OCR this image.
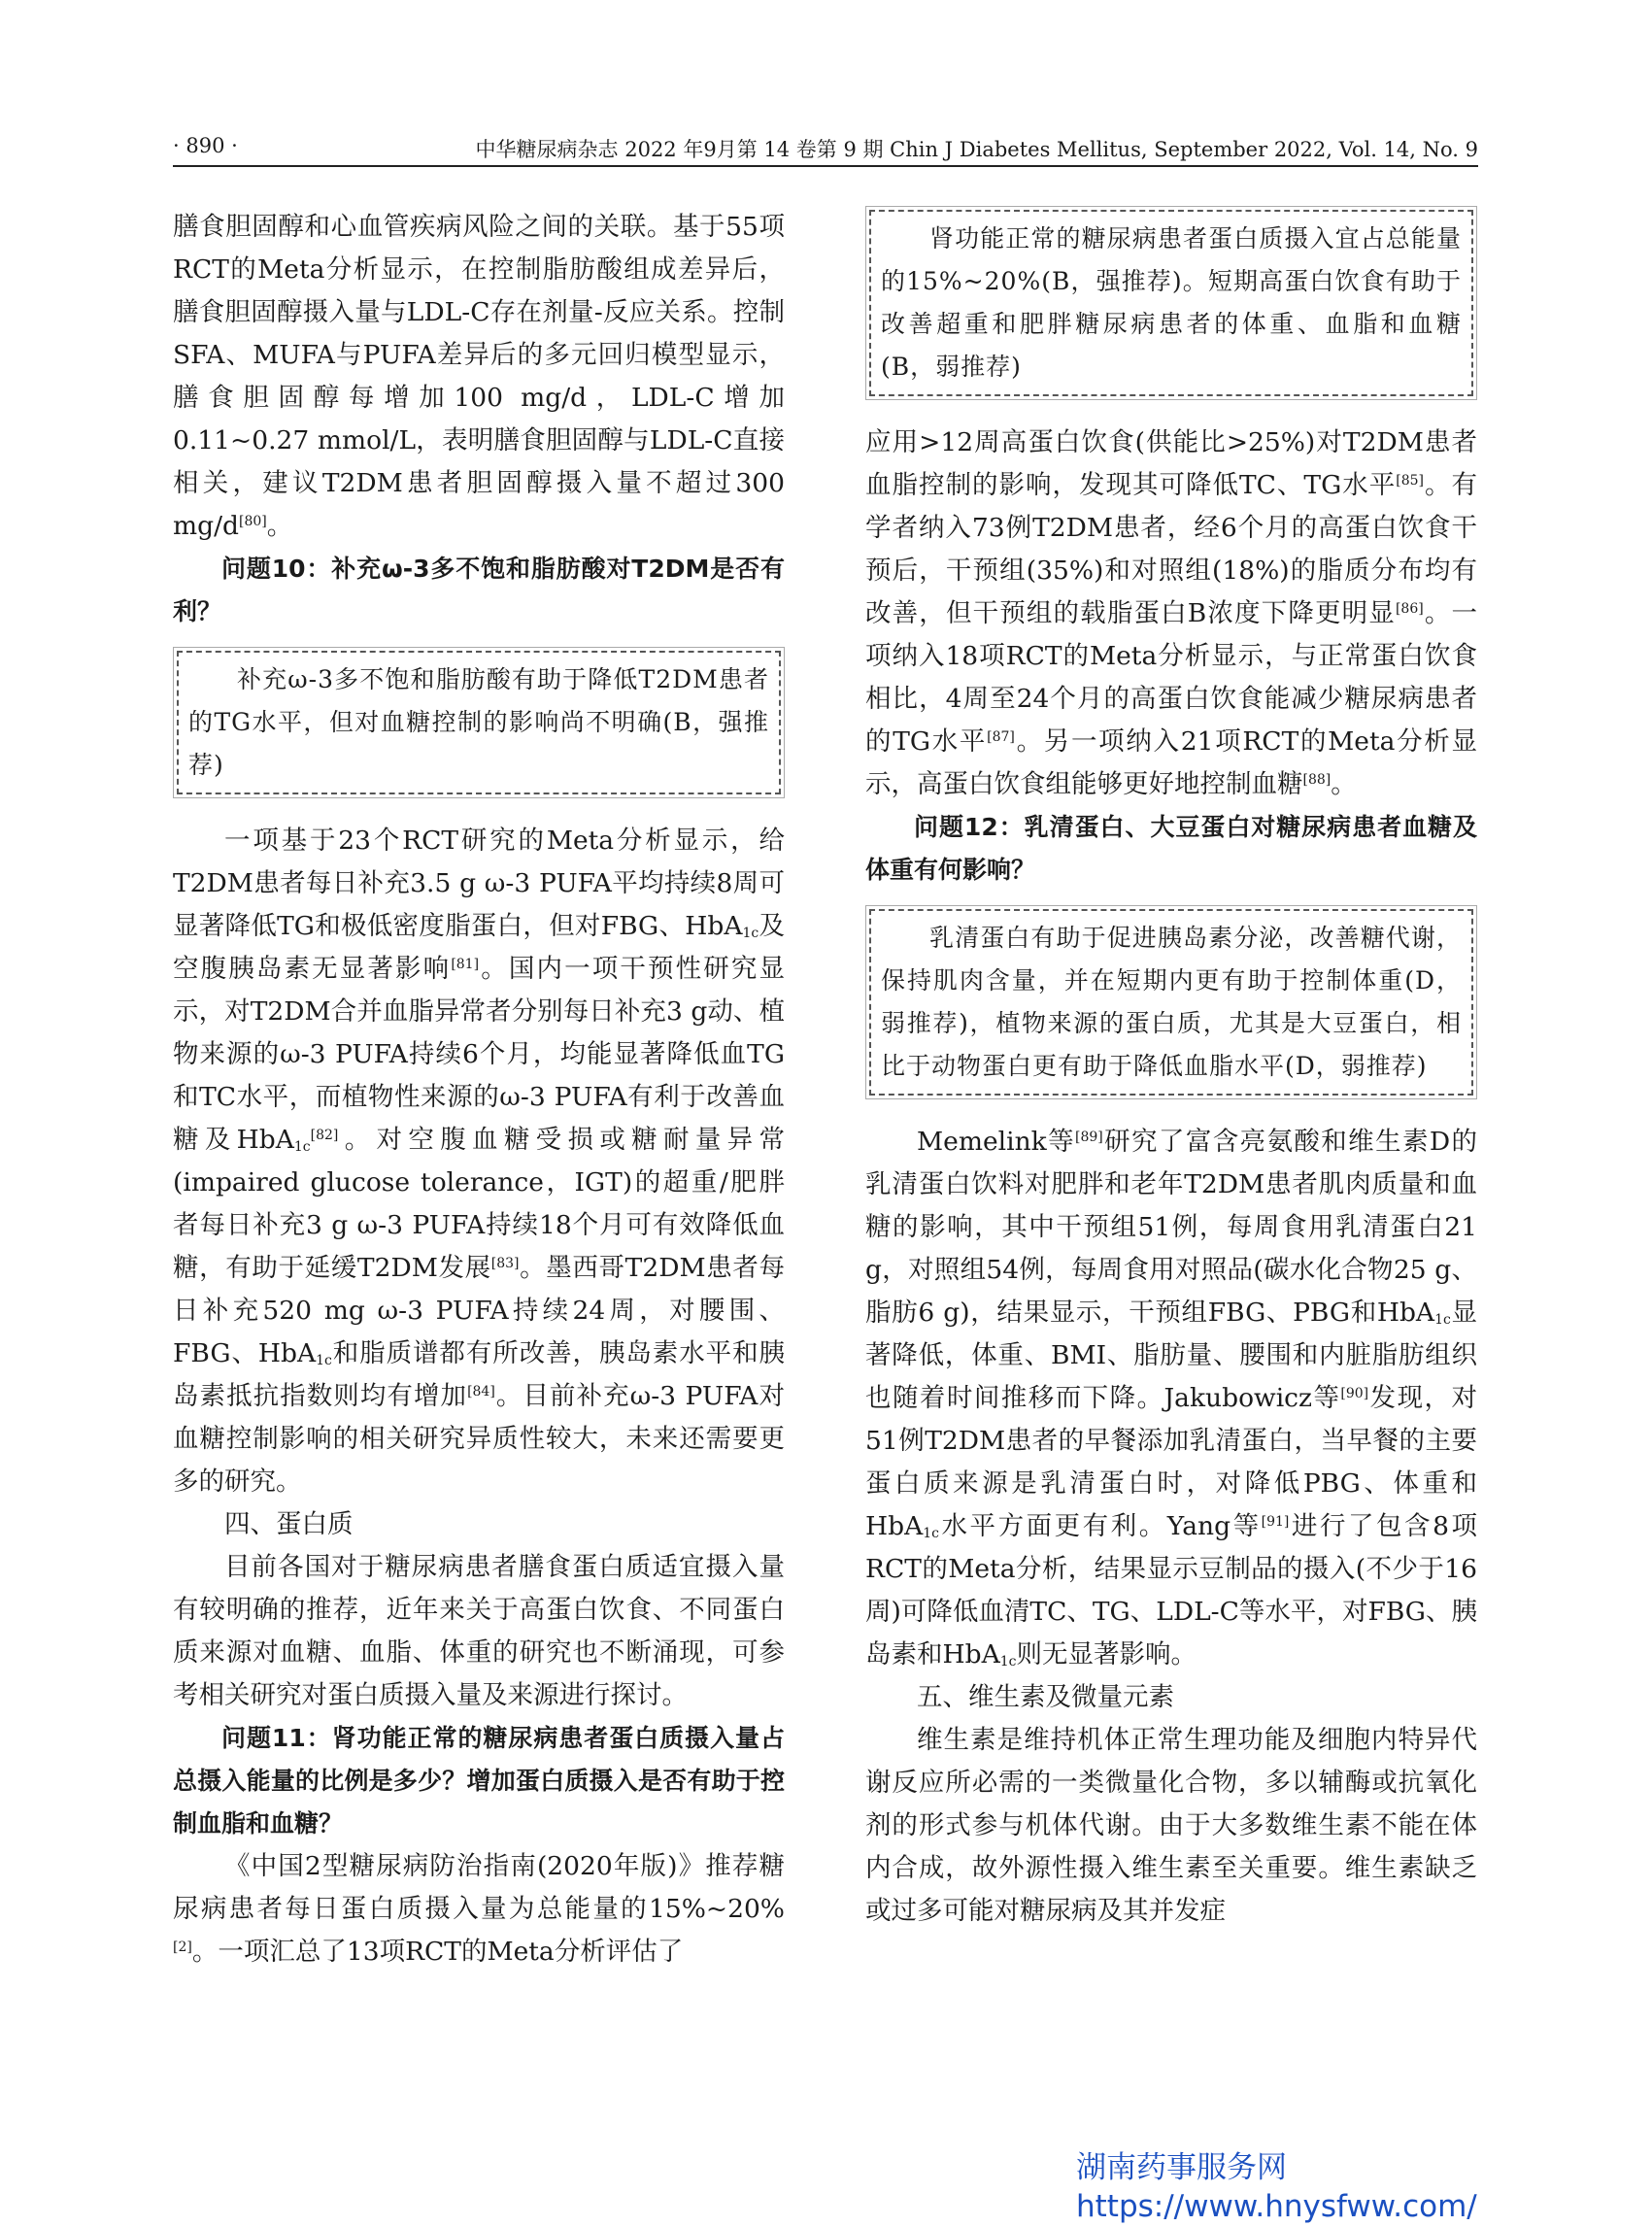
· 890 ·	中华糖尿病杂志 2022 年9月第 14 卷第 9 期 Chin J Diabetes Mellitus, September 2022, Vol. 14, No. 9

膳食胆固醇和心血管疾病风险之间的关联。基于55项RCT的Meta分析显示，在控制脂肪酸组成差异后，膳食胆固醇摄入量与LDL-C存在剂量-反应关系。控制SFA、MUFA与PUFA差异后的多元回归模型显示，膳食胆固醇每增加100 mg/d，LDL-C增加0.11~0.27 mmol/L，表明膳食胆固醇与LDL-C直接相关，建议T2DM患者胆固醇摄入量不超过300 mg/d[80]。

问题10：补充ω-3多不饱和脂肪酸对T2DM是否有利？

补充ω-3多不饱和脂肪酸有助于降低T2DM患者的TG水平，但对血糖控制的影响尚不明确(B，强推荐)

一项基于23个RCT研究的Meta分析显示，给T2DM患者每日补充3.5 g ω-3 PUFA平均持续8周可显著降低TG和极低密度脂蛋白，但对FBG、HbA$_{1c}$及空腹胰岛素无显著影响[81]。国内一项干预性研究显示，对T2DM合并血脂异常者分别每日补充3 g动、植物来源的ω-3 PUFA持续6个月，均能显著降低血TG和TC水平，而植物性来源的ω-3 PUFA有利于改善血糖及HbA$_{1c}$[82]。对空腹血糖受损或糖耐量异常(impaired glucose tolerance，IGT)的超重/肥胖者每日补充3 g ω-3 PUFA持续18个月可有效降低血糖，有助于延缓T2DM发展[83]。墨西哥T2DM患者每日补充520 mg ω-3 PUFA持续24周，对腰围、FBG、HbA$_{1c}$和脂质谱都有所改善，胰岛素水平和胰岛素抵抗指数则均有增加[84]。目前补充ω-3 PUFA对血糖控制影响的相关研究异质性较大，未来还需要更多的研究。

四、蛋白质

目前各国对于糖尿病患者膳食蛋白质适宜摄入量有较明确的推荐，近年来关于高蛋白饮食、不同蛋白质来源对血糖、血脂、体重的研究也不断涌现，可参考相关研究对蛋白质摄入量及来源进行探讨。

问题11：肾功能正常的糖尿病患者蛋白质摄入量占总摄入能量的比例是多少？增加蛋白质摄入是否有助于控制血脂和血糖？

《中国2型糖尿病防治指南(2020年版)》推荐糖尿病患者每日蛋白质摄入量为总能量的15%~20%[2]。一项汇总了13项RCT的Meta分析评估了

肾功能正常的糖尿病患者蛋白质摄入宜占总能量的15%~20%(B，强推荐)。短期高蛋白饮食有助于改善超重和肥胖糖尿病患者的体重、血脂和血糖(B，弱推荐)

应用>12周高蛋白饮食(供能比>25%)对T2DM患者血脂控制的影响，发现其可降低TC、TG水平[85]。有学者纳入73例T2DM患者，经6个月的高蛋白饮食干预后，干预组(35%)和对照组(18%)的脂质分布均有改善，但干预组的载脂蛋白B浓度下降更明显[86]。一项纳入18项RCT的Meta分析显示，与正常蛋白饮食相比，4周至24个月的高蛋白饮食能减少糖尿病患者的TG水平[87]。另一项纳入21项RCT的Meta分析显示，高蛋白饮食组能够更好地控制血糖[88]。

问题12：乳清蛋白、大豆蛋白对糖尿病患者血糖及体重有何影响？

乳清蛋白有助于促进胰岛素分泌，改善糖代谢，保持肌肉含量，并在短期内更有助于控制体重(D，弱推荐)，植物来源的蛋白质，尤其是大豆蛋白，相比于动物蛋白更有助于降低血脂水平(D，弱推荐)

Memelink等[89]研究了富含亮氨酸和维生素D的乳清蛋白饮料对肥胖和老年T2DM患者肌肉质量和血糖的影响，其中干预组51例，每周食用乳清蛋白21 g，对照组54例，每周食用对照品(碳水化合物25 g、脂肪6 g)，结果显示，干预组FBG、PBG和HbA$_{1c}$显著降低，体重、BMI、脂肪量、腰围和内脏脂肪组织也随着时间推移而下降。Jakubowicz等[90]发现，对51例T2DM患者的早餐添加乳清蛋白，当早餐的主要蛋白质来源是乳清蛋白时，对降低PBG、体重和HbA$_{1c}$水平方面更有利。Yang等[91]进行了包含8项RCT的Meta分析，结果显示豆制品的摄入(不少于16周)可降低血清TC、TG、LDL-C等水平，对FBG、胰岛素和HbA$_{1c}$则无显著影响。

五、维生素及微量元素

维生素是维持机体正常生理功能及细胞内特异代谢反应所必需的一类微量化合物，多以辅酶或抗氧化剂的形式参与机体代谢。由于大多数维生素不能在体内合成，故外源性摄入维生素至关重要。维生素缺乏或过多可能对糖尿病及其并发症

湖南药事服务网
https://www.hnysfww.com/
